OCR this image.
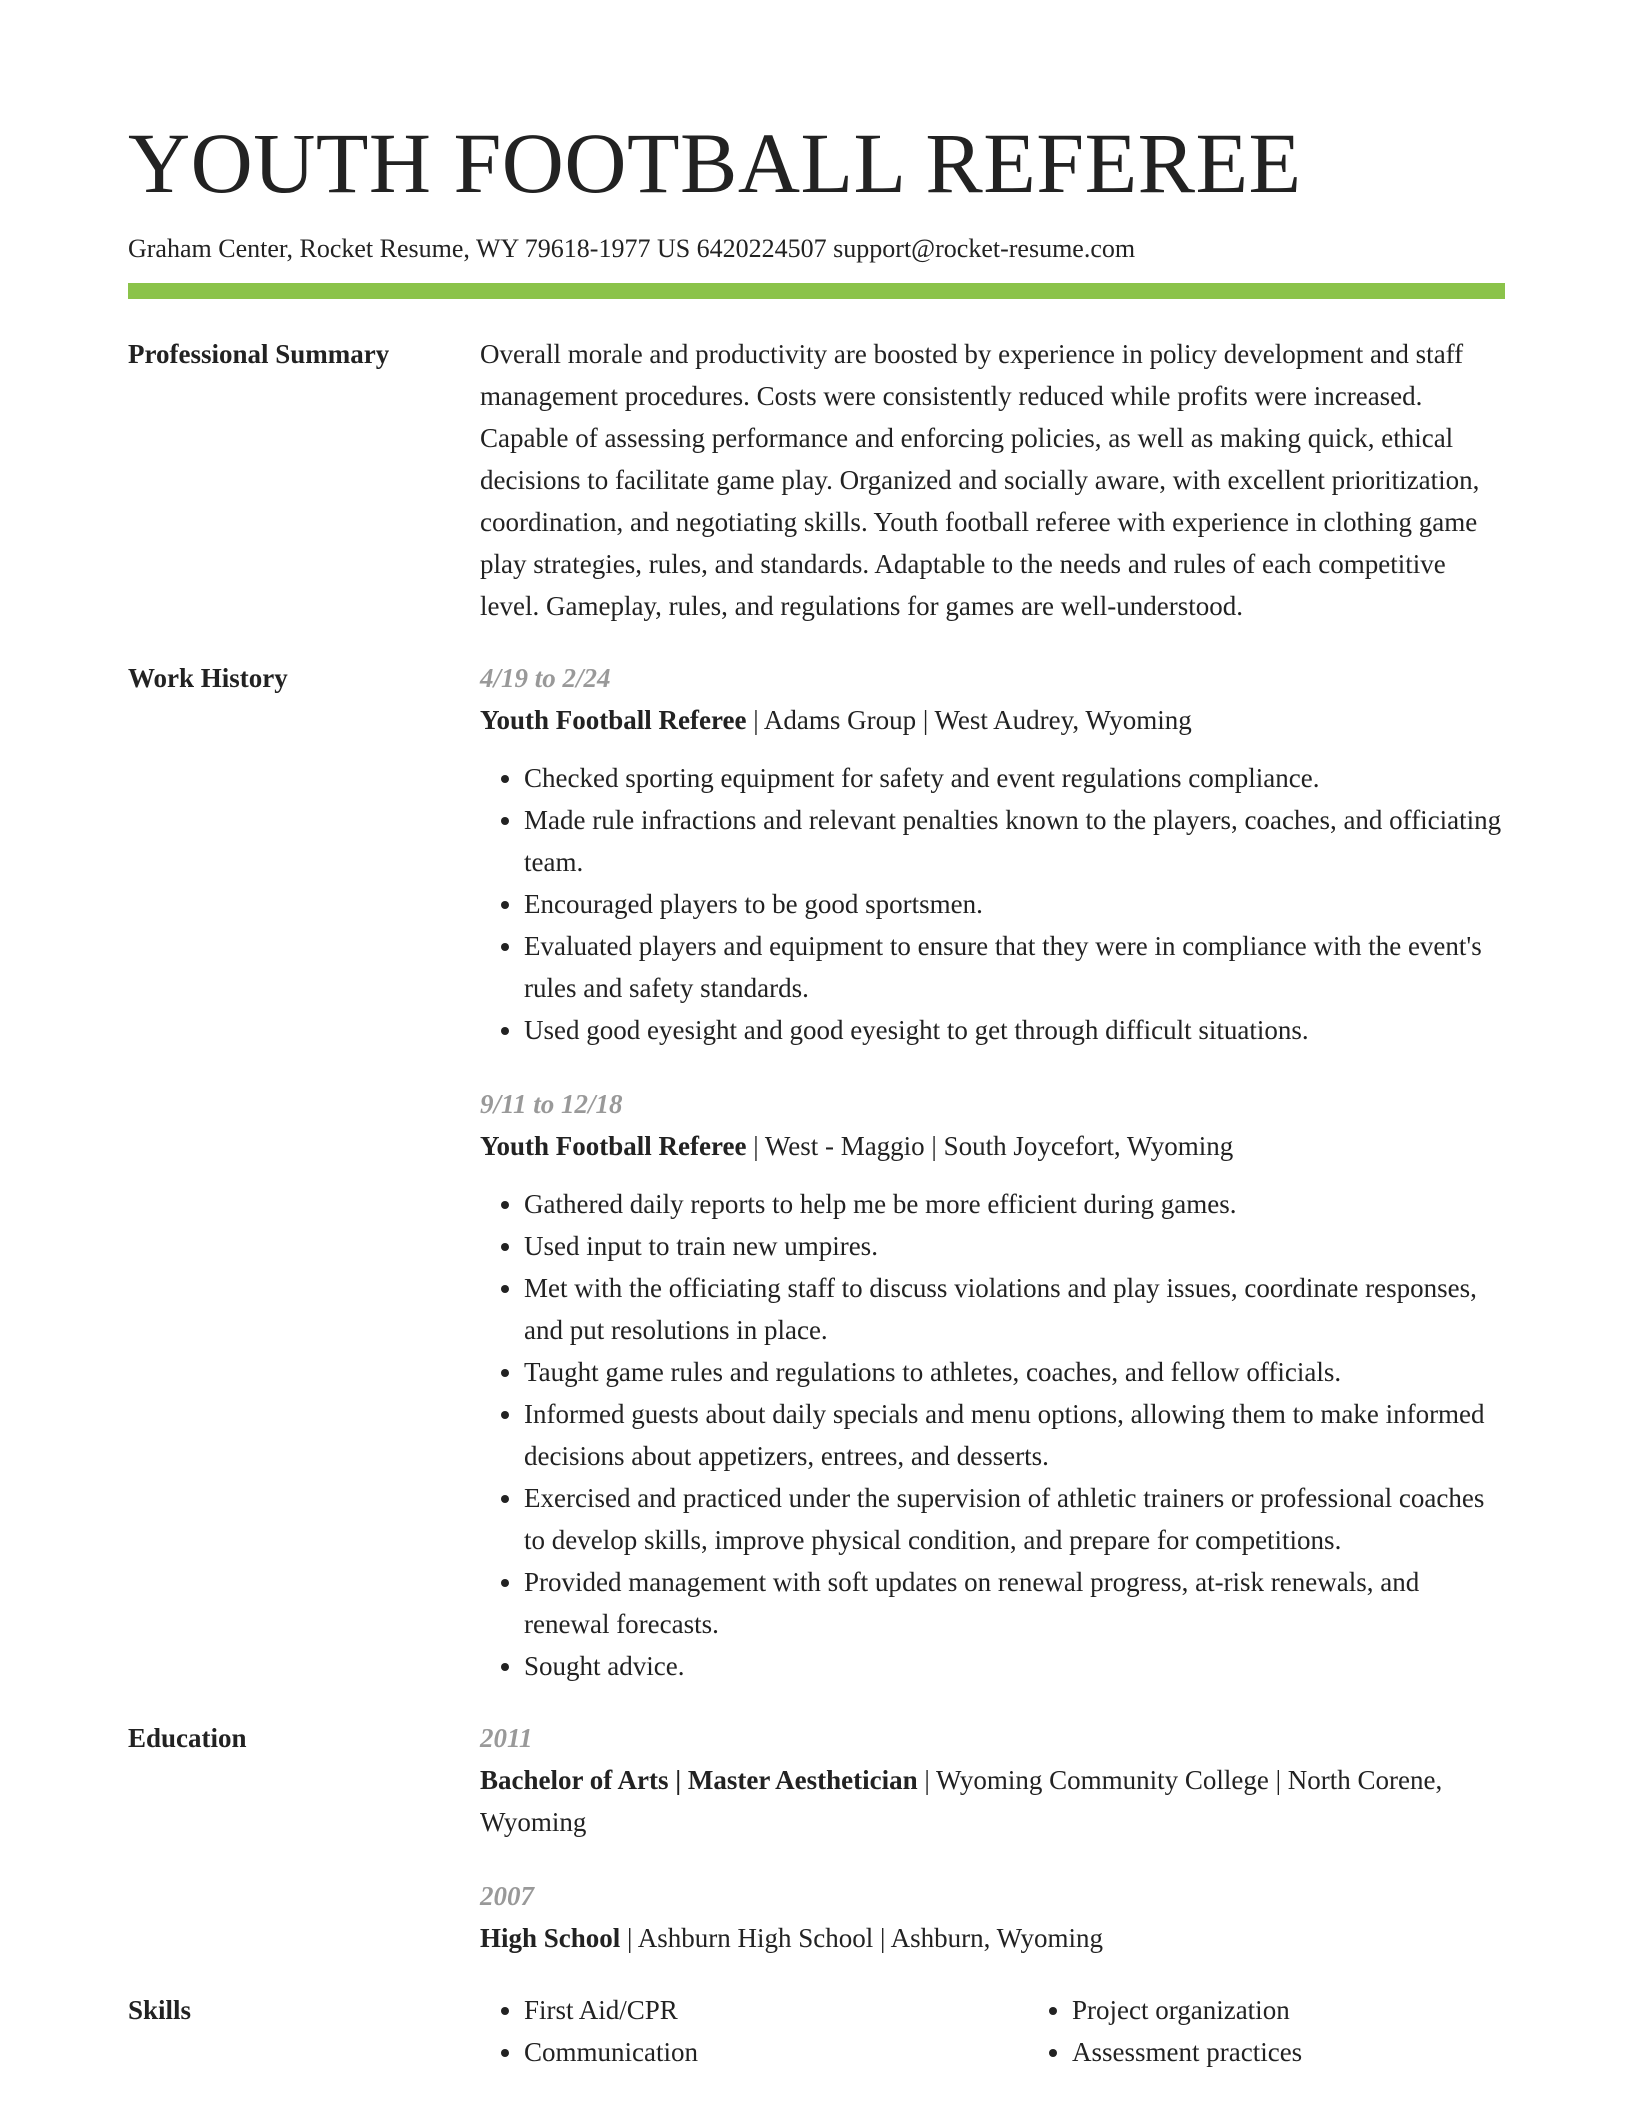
YOUTH FOOTBALL REFEREE
Graham Center, Rocket Resume, WY 79618-1977 US 6420224507 support@rocket-resume.com
Professional Summary	Overall morale and productivity are boosted by experience in policy development and staff management procedures. Costs were consistently reduced while profits were increased. Capable of assessing performance and enforcing policies, as well as making quick, ethical decisions to facilitate game play. Organized and socially aware, with excellent prioritization, coordination, and negotiating skills. Youth football referee with experience in clothing game play strategies, rules, and standards. Adaptable to the needs and rules of each competitive level. Gameplay, rules, and regulations for games are well-understood.

Work History	4/19 to 2/24
Youth Football Referee | Adams Group | West Audrey, Wyoming
• Checked sporting equipment for safety and event regulations compliance.
• Made rule infractions and relevant penalties known to the players, coaches, and officiating team.
• Encouraged players to be good sportsmen.
• Evaluated players and equipment to ensure that they were in compliance with the event's rules and safety standards.
• Used good eyesight and good eyesight to get through difficult situations.
9/11 to 12/18
Youth Football Referee | West - Maggio | South Joycefort, Wyoming
• Gathered daily reports to help me be more efficient during games.
• Used input to train new umpires.
• Met with the officiating staff to discuss violations and play issues, coordinate responses, and put resolutions in place.
• Taught game rules and regulations to athletes, coaches, and fellow officials.
• Informed guests about daily specials and menu options, allowing them to make informed decisions about appetizers, entrees, and desserts.
• Exercised and practiced under the supervision of athletic trainers or professional coaches to develop skills, improve physical condition, and prepare for competitions.
• Provided management with soft updates on renewal progress, at-risk renewals, and renewal forecasts.
• Sought advice.
Education	2011
Bachelor of Arts | Master Aesthetician | Wyoming Community College | North Corene, Wyoming
2007
High School | Ashburn High School | Ashburn, Wyoming
Skills
•	First Aid/CPR
• Communication
• Project organization
• Assessment practices
